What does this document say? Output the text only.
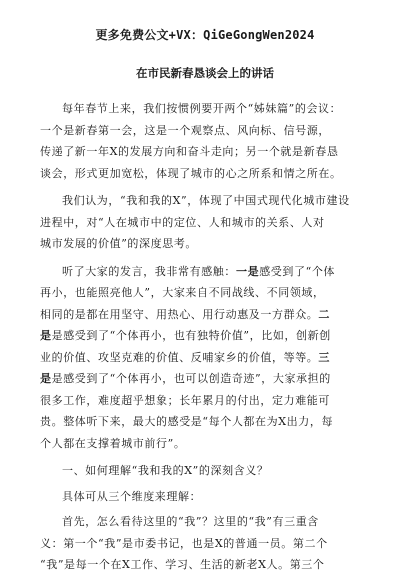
更多免费公文+VX：QiGeGongWen2024
在市民新春恳谈会上的讲话
每年春节上来，我们按惯例要开两个“姊妹篇”的会议：
一个是新春第一会，这是一个观察点、风向标、信号源，
传递了新一年X的发展方向和奋斗走向；另一个就是新春恳
谈会，形式更加宽松，体现了城市的心之所系和情之所在。
我们认为，“我和我的X”，体现了中国式现代化城市建设
进程中，对“人在城市中的定位、人和城市的关系、人对
城市发展的价值”的深度思考。
听了大家的发言，我非常有感触：一是感受到了“个体
再小，也能照亮他人”，大家来自不同战线、不同领域，
相同的是都在用坚守、用热心、用行动惠及一方群众。二
是是感受到了“个体再小，也有独特价值”，比如，创新创
业的价值、攻坚克难的价值、反哺家乡的价值，等等。三
是是感受到了“个体再小，也可以创造奇迹”，大家承担的
很多工作，难度超乎想象；长年累月的付出，定力难能可
贵。整体听下来，最大的感受是“每个人都在为X出力，每
个人都在支撑着城市前行”。
一、如何理解“我和我的X”的深刻含义？
具体可从三个维度来理解：
首先，怎么看待这里的“我”？这里的“我”有三重含
义：第一个“我”是市委书记，也是X的普通一员。第二个
“我”是每一个在X工作、学习、生活的新老X人。第三个
